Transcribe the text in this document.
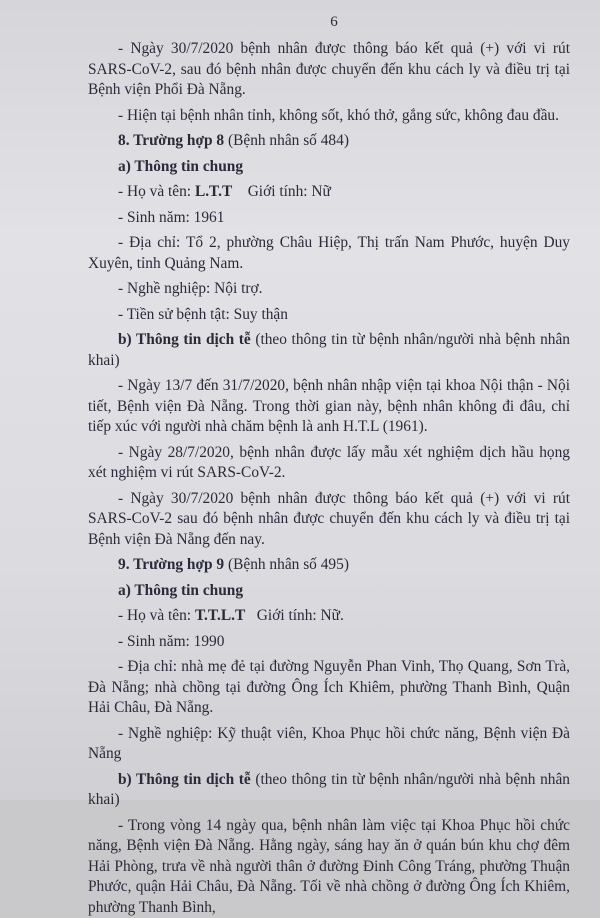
6

- Ngày 30/7/2020 bệnh nhân được thông báo kết quả (+) với vi rút SARS-CoV-2, sau đó bệnh nhân được chuyển đến khu cách ly và điều trị tại Bệnh viện Phổi Đà Nẵng.

- Hiện tại bệnh nhân tỉnh, không sốt, khó thở, gắng sức, không đau đầu.

8. Trường hợp 8 (Bệnh nhân số 484)

a) Thông tin chung

- Họ và tên: L.T.T    Giới tính: Nữ

- Sinh năm: 1961

- Địa chỉ: Tổ 2, phường Châu Hiệp, Thị trấn Nam Phước, huyện Duy Xuyên, tỉnh Quảng Nam.

- Nghề nghiệp: Nội trợ.

- Tiền sử bệnh tật: Suy thận

b) Thông tin dịch tễ (theo thông tin từ bệnh nhân/người nhà bệnh nhân khai)

- Ngày 13/7 đến 31/7/2020, bệnh nhân nhập viện tại khoa Nội thận - Nội tiết, Bệnh viện Đà Nẵng. Trong thời gian này, bệnh nhân không đi đâu, chỉ tiếp xúc với người nhà chăm bệnh là anh H.T.L (1961).

- Ngày 28/7/2020, bệnh nhân được lấy mẫu xét nghiệm dịch hầu họng xét nghiệm vi rút SARS-CoV-2.

- Ngày 30/7/2020 bệnh nhân được thông báo kết quả (+) với vi rút SARS-CoV-2 sau đó bệnh nhân được chuyển đến khu cách ly và điều trị tại Bệnh viện Đà Nẵng đến nay.

9. Trường hợp 9 (Bệnh nhân số 495)

a) Thông tin chung

- Họ và tên: T.T.L.T   Giới tính: Nữ.

- Sinh năm: 1990

- Địa chỉ: nhà mẹ đẻ tại đường Nguyễn Phan Vinh, Thọ Quang, Sơn Trà, Đà Nẵng; nhà chồng tại đường Ông Ích Khiêm, phường Thanh Bình, Quận Hải Châu, Đà Nẵng.

- Nghề nghiệp: Kỹ thuật viên, Khoa Phục hồi chức năng, Bệnh viện Đà Nẵng

b) Thông tin dịch tễ (theo thông tin từ bệnh nhân/người nhà bệnh nhân khai)

- Trong vòng 14 ngày qua, bệnh nhân làm việc tại Khoa Phục hồi chức năng, Bệnh viện Đà Nẵng. Hằng ngày, sáng hay ăn ở quán bún khu chợ đêm Hải Phòng, trưa về nhà người thân ở đường Đinh Công Tráng, phường Thuận Phước, quận Hải Châu, Đà Nẵng. Tối về nhà chồng ở đường Ông Ích Khiêm, phường Thanh Bình,
